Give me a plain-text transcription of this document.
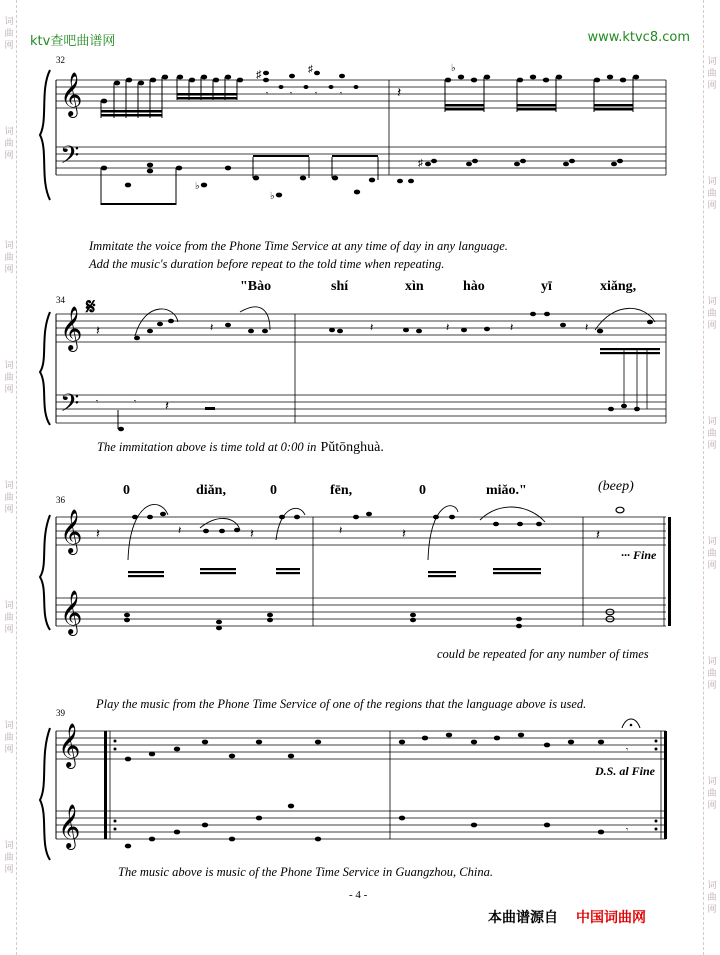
词
曲
网
词
曲
网
词
曲
网
词
曲
网
词
曲
网
词
曲
网
词
曲
网
词
曲
网
词
曲
网
词
曲
网
词
曲
网
词
曲
网
词
曲
网
词
曲
网
词
曲
网
词
曲
网
ktv查吧曲谱网	www.ktvc8.com
32
𝄞
𝄢
♯	♯
𝄾	𝄾	𝄾	𝄾	𝄽
♭
♭
♭
♯
34 𝄋
𝄞
𝄢
𝄽	𝄽	𝄽	𝄽	𝄽	𝄽
𝄾	𝄾 𝄽
36
𝄞
𝄞
𝄽	𝄽	𝄽	𝄽	𝄽	𝄽
39
𝄞
𝄞
𝄾
𝄾
Immitate the voice from the Phone Time Service at any time of day in any language.
Add the music's duration before repeat to the told time when repeating.
"Bào	shí	xìn	hào	yī	xiǎng,
The immitation above is time told at 0:00 in Pǔtōnghuà.
0	diǎn,	0	fēn,	0	miǎo."	(beep)
··· Fine
could be repeated for any number of times
Play the music from the Phone Time Service of one of the regions that the language above is used.
D.S. al Fine
The music above is music of the Phone Time Service in Guangzhou, China.
- 4 -
本曲谱源自 中国词曲网
